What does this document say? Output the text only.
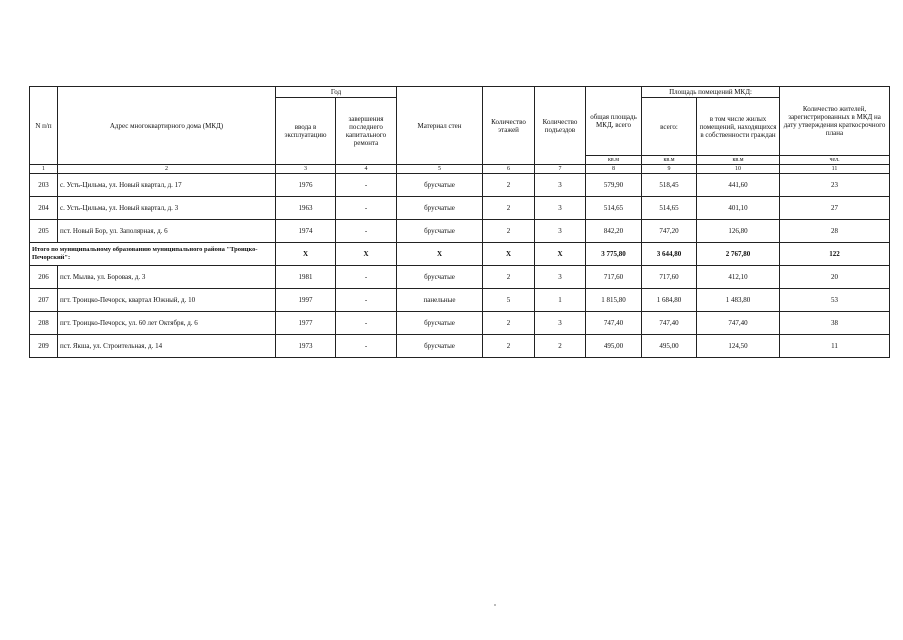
N п/п	Адрес многоквартирного дома (МКД)	Год		Материал стен	Количество этажей	Количество подъездов	общая площадь МКД, всего	Площадь помещений МКД:		Количество жителей, зарегистрированных в МКД на дату утверждения краткосрочного плана
		ввода в эксплуатацию	завершения последнего капитального ремонта					всего:	в том числе жилых помещений, находящихся в собственности граждан	
							кв.м	кв.м	кв.м	чел.
1	2	3	4	5	6	7	8	9	10	11
203	с. Усть-Цильма, ул. Новый квартал, д. 17	1976	-	брусчатые	2	3	579,90	518,45	441,60	23
204	с. Усть-Цильма, ул. Новый квартал, д. 3	1963	-	брусчатые	2	3	514,65	514,65	401,10	27
205	пст. Новый Бор, ул. Заполярная, д. 6	1974	-	брусчатые	2	3	842,20	747,20	126,80	28
Итого по муниципальному образованию муниципального района "Троицко-Печорский":		X	X	X	X	X	3 775,80	3 644,80	2 767,80	122
206	пст. Мылва, ул. Боровая, д. 3	1981	-	брусчатые	2	3	717,60	717,60	412,10	20
207	пгт. Троицко-Печорск, квартал Южный, д. 10	1997	-	панельные	5	1	1 815,80	1 684,80	1 483,80	53
208	пгт. Троицко-Печорск, ул. 60 лет Октября, д. 6	1977	-	брусчатые	2	3	747,40	747,40	747,40	38
209	пст. Якша, ул. Строительная, д. 14	1973	-	брусчатые	2	2	495,00	495,00	124,50	11
